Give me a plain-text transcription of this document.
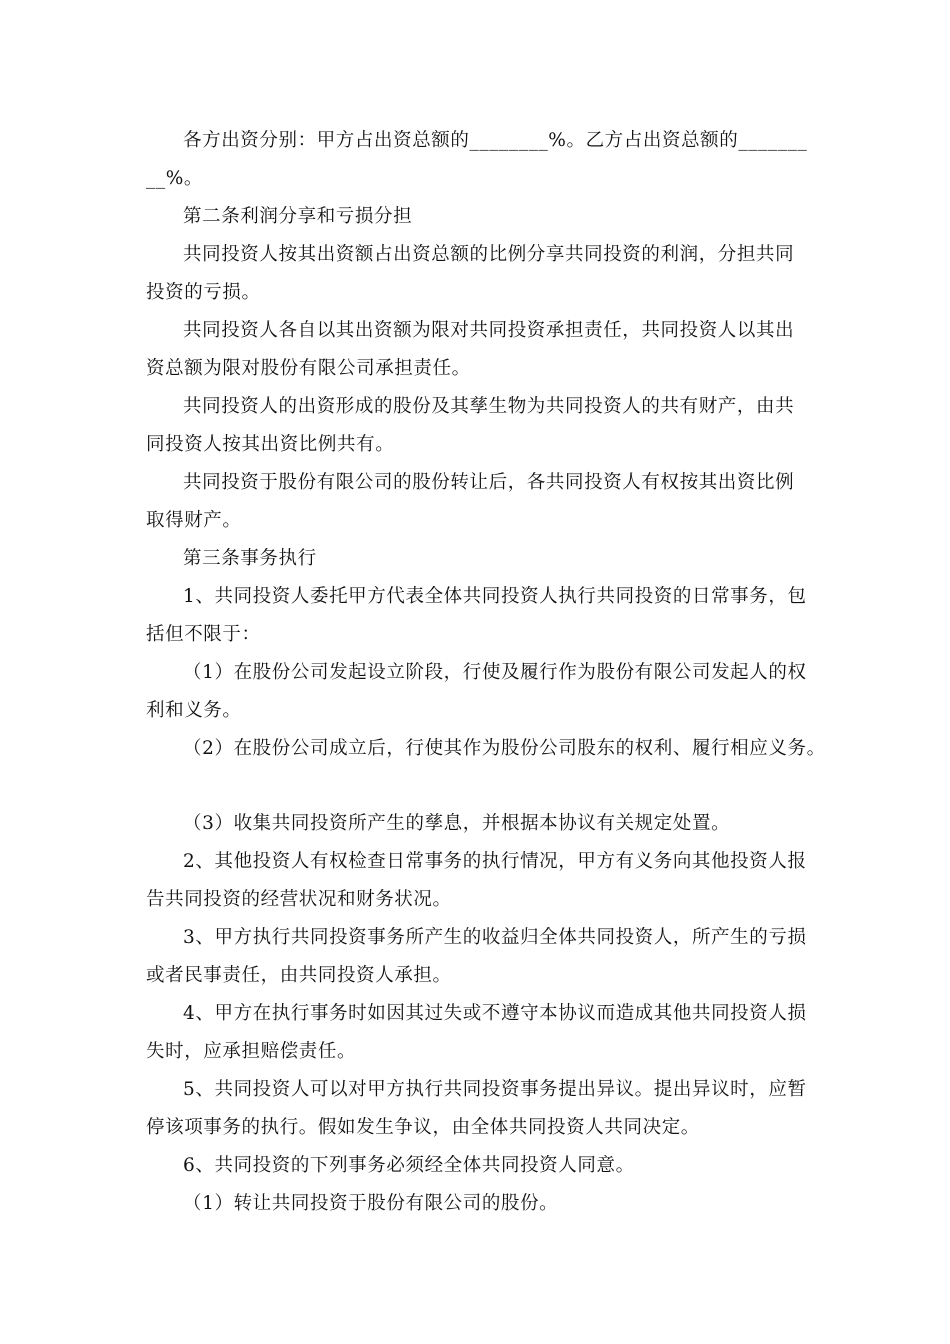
各方出资分别：甲方占出资总额的________%。乙方占出资总额的_______
__%。
第二条利润分享和亏损分担
共同投资人按其出资额占出资总额的比例分享共同投资的利润，分担共同
投资的亏损。
共同投资人各自以其出资额为限对共同投资承担责任，共同投资人以其出
资总额为限对股份有限公司承担责任。
共同投资人的出资形成的股份及其孳生物为共同投资人的共有财产，由共
同投资人按其出资比例共有。
共同投资于股份有限公司的股份转让后，各共同投资人有权按其出资比例
取得财产。
第三条事务执行
1、共同投资人委托甲方代表全体共同投资人执行共同投资的日常事务，包
括但不限于：
（1）在股份公司发起设立阶段，行使及履行作为股份有限公司发起人的权
利和义务。
（2）在股份公司成立后，行使其作为股份公司股东的权利、履行相应义务。
（3）收集共同投资所产生的孳息，并根据本协议有关规定处置。
2、其他投资人有权检查日常事务的执行情况，甲方有义务向其他投资人报
告共同投资的经营状况和财务状况。
3、甲方执行共同投资事务所产生的收益归全体共同投资人，所产生的亏损
或者民事责任，由共同投资人承担。
4、甲方在执行事务时如因其过失或不遵守本协议而造成其他共同投资人损
失时，应承担赔偿责任。
5、共同投资人可以对甲方执行共同投资事务提出异议。提出异议时，应暂
停该项事务的执行。假如发生争议，由全体共同投资人共同决定。
6、共同投资的下列事务必须经全体共同投资人同意。
（1）转让共同投资于股份有限公司的股份。
